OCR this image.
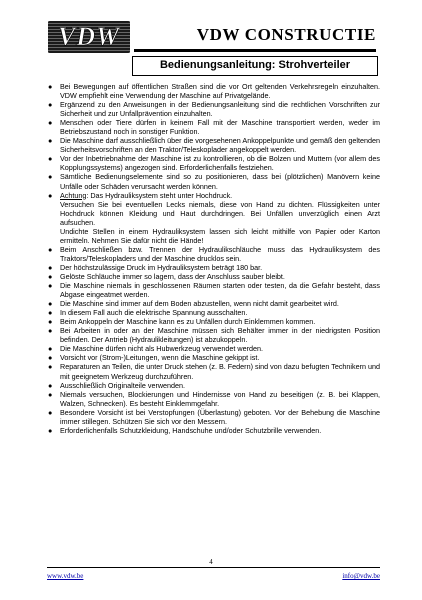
VDW	VDW CONSTRUCTIE
Bedienungsanleitung: Strohverteiler
● Bei Bewegungen auf öffentlichen Straßen sind die vor Ort geltenden Verkehrsregeln einzuhalten. VDW empfiehlt eine Verwendung der Maschine auf Privatgelände.
● Ergänzend zu den Anweisungen in der Bedienungsanleitung sind die rechtlichen Vorschriften zur Sicherheit und zur Unfallprävention einzuhalten.
● Menschen oder Tiere dürfen in keinem Fall mit der Maschine transportiert werden, weder im Betriebszustand noch in sonstiger Funktion.
● Die Maschine darf ausschließlich über die vorgesehenen Ankoppelpunkte und gemäß den geltenden Sicherheitsvorschriften an den Traktor/Teleskoplader angekoppelt werden.
● Vor der Inbetriebnahme der Maschine ist zu kontrollieren, ob die Bolzen und Muttern (vor allem des Kopplungssystems) angezogen sind. Erforderlichenfalls festziehen.
● Sämtliche Bedienungselemente sind so zu positionieren, dass bei (plötzlichen) Manövern keine Unfälle oder Schäden verursacht werden können.
● Achtung: Das Hydrauliksystem steht unter Hochdruck.
Versuchen Sie bei eventuellen Lecks niemals, diese von Hand zu dichten. Flüssigkeiten unter Hochdruck können Kleidung und Haut durchdringen. Bei Unfällen unverzüglich einen Arzt aufsuchen.
Undichte Stellen in einem Hydrauliksystem lassen sich leicht mithilfe von Papier oder Karton ermitteln. Nehmen Sie dafür nicht die Hände!
● Beim Anschließen bzw. Trennen der Hydraulikschläuche muss das Hydrauliksystem des Traktors/Teleskopladers und der Maschine drucklos sein.
● Der höchstzulässige Druck im Hydrauliksystem beträgt 180 bar.
● Gelöste Schläuche immer so lagern, dass der Anschluss sauber bleibt.
● Die Maschine niemals in geschlossenen Räumen starten oder testen, da die Gefahr besteht, dass Abgase eingeatmet werden.
● Die Maschine sind immer auf dem Boden abzustellen, wenn nicht damit gearbeitet wird.
● In diesem Fall auch die elektrische Spannung ausschalten.
● Beim Ankoppeln der Maschine kann es zu Unfällen durch Einklemmen kommen.
● Bei Arbeiten in oder an der Maschine müssen sich Behälter immer in der niedrigsten Position befinden. Der Antrieb (Hydraulikleitungen) ist abzukoppeln.
● Die Maschine dürfen nicht als Hubwerkzeug verwendet werden.
● Vorsicht vor (Strom-)Leitungen, wenn die Maschine gekippt ist.
● Reparaturen an Teilen, die unter Druck stehen (z. B. Federn) sind von dazu befugten Technikern und mit geeignetem Werkzeug durchzuführen.
● Ausschließlich Originalteile verwenden.
● Niemals versuchen, Blockierungen und Hindernisse von Hand zu beseitigen (z. B. bei Klappen, Walzen, Schnecken). Es besteht Einklemmgefahr.
● Besondere Vorsicht ist bei Verstopfungen (Überlastung) geboten. Vor der Behebung die Maschine immer stillegen. Schützen Sie sich vor den Messern.
● Erforderlichenfalls Schutzkleidung, Handschuhe und/oder Schutzbrille verwenden.
4
www.vdw.be	info@vdw.be
